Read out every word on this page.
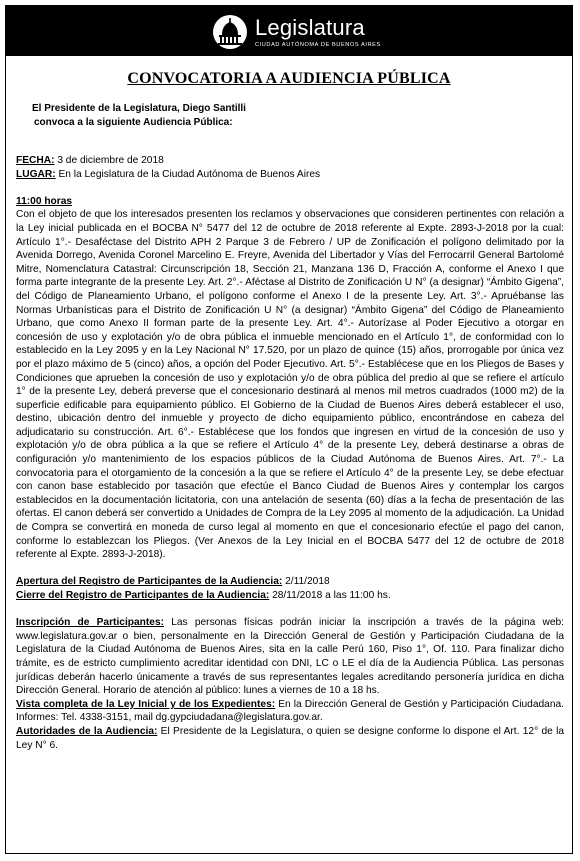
Legislatura
CIUDAD AUTÓNOMA DE BUENOS AIRES
CONVOCATORIA A AUDIENCIA PÚBLICA
El Presidente de la Legislatura, Diego Santilli
convoca a la siguiente Audiencia Pública:

FECHA: 3 de diciembre de 2018

LUGAR: En la Legislatura de la Ciudad Autónoma de Buenos Aires

11:00 horas

Con el objeto de que los interesados presenten los reclamos y observaciones que consideren pertinentes con relación a la Ley inicial publicada en el BOCBA N° 5477 del 12 de octubre de 2018 referente al Expte. 2893-J-2018 por la cual: Artículo 1°.- Desaféctase del Distrito APH 2 Parque 3 de Febrero / UP de Zonificación el polígono delimitado por la Avenida Dorrego, Avenida Coronel Marcelino E. Freyre, Avenida del Libertador y Vías del Ferrocarril General Bartolomé Mitre, Nomenclatura Catastral: Circunscripción 18, Sección 21, Manzana 136 D, Fracción A, conforme el Anexo I que forma parte integrante de la presente Ley. Art. 2°.- Aféctase al Distrito de Zonificación U N° (a designar) “Ámbito Gigena”, del Código de Planeamiento Urbano, el polígono conforme el Anexo I de la presente Ley. Art. 3°.- Apruébanse las Normas Urbanísticas para el Distrito de Zonificación U N° (a designar) “Ámbito Gigena” del Código de Planeamiento Urbano, que como Anexo II forman parte de la presente Ley. Art. 4°.- Autorízase al Poder Ejecutivo a otorgar en concesión de uso y explotación y/o de obra pública el inmueble mencionado en el Artículo 1°, de conformidad con lo establecido en la Ley 2095 y en la Ley Nacional N° 17.520, por un plazo de quince (15) años, prorrogable por única vez por el plazo máximo de 5 (cinco) años, a opción del Poder Ejecutivo. Art. 5°.- Establécese que en los Pliegos de Bases y Condiciones que aprueben la concesión de uso y explotación y/o de obra pública del predio al que se refiere el artículo 1° de la presente Ley, deberá preverse que el concesionario destinará al menos mil metros cuadrados (1000 m2) de la superficie edificable para equipamiento público. El Gobierno de la Ciudad de Buenos Aires deberá establecer el uso, destino, ubicación dentro del inmueble y proyecto de dicho equipamiento público, encontrándose en cabeza del adjudicatario su construcción. Art. 6°.- Establécese que los fondos que ingresen en virtud de la concesión de uso y explotación y/o de obra pública a la que se refiere el Artículo 4° de la presente Ley, deberá destinarse a obras de configuración y/o mantenimiento de los espacios públicos de la Ciudad Autónoma de Buenos Aires. Art. 7°.- La convocatoria para el otorgamiento de la concesión a la que se refiere el Artículo 4° de la presente Ley, se debe efectuar con canon base establecido por tasación que efectúe el Banco Ciudad de Buenos Aires y contemplar los cargos establecidos en la documentación licitatoria, con una antelación de sesenta (60) días a la fecha de presentación de las ofertas. El canon deberá ser convertido a Unidades de Compra de la Ley 2095 al momento de la adjudicación. La Unidad de Compra se convertirá en moneda de curso legal al momento en que el concesionario efectúe el pago del canon, conforme lo establezcan los Pliegos. (Ver Anexos de la Ley Inicial en el BOCBA 5477 del 12 de octubre de 2018 referente al Expte. 2893-J-2018).

Apertura del Registro de Participantes de la Audiencia: 2/11/2018

Cierre del Registro de Participantes de la Audiencia: 28/11/2018 a las 11:00 hs.

Inscripción de Participantes: Las personas físicas podrán iniciar la inscripción a través de la página web: www.legislatura.gov.ar o bien, personalmente en la Dirección General de Gestión y Participación Ciudadana de la Legislatura de la Ciudad Autónoma de Buenos Aires, sita en la calle Perú 160, Piso 1°, Of. 110. Para finalizar dicho trámite, es de estricto cumplimiento acreditar identidad con DNI, LC o LE el día de la Audiencia Pública. Las personas jurídicas deberán hacerlo únicamente a través de sus representantes legales acreditando personería jurídica en dicha Dirección General. Horario de atención al público: lunes a viernes de 10 a 18 hs.

Vista completa de la Ley Inicial y de los Expedientes: En la Dirección General de Gestión y Participación Ciudadana. Informes: Tel. 4338-3151, mail dg.gypciudadana@legislatura.gov.ar.

Autoridades de la Audiencia: El Presidente de la Legislatura, o quien se designe conforme lo dispone el Art. 12° de la Ley N° 6.
